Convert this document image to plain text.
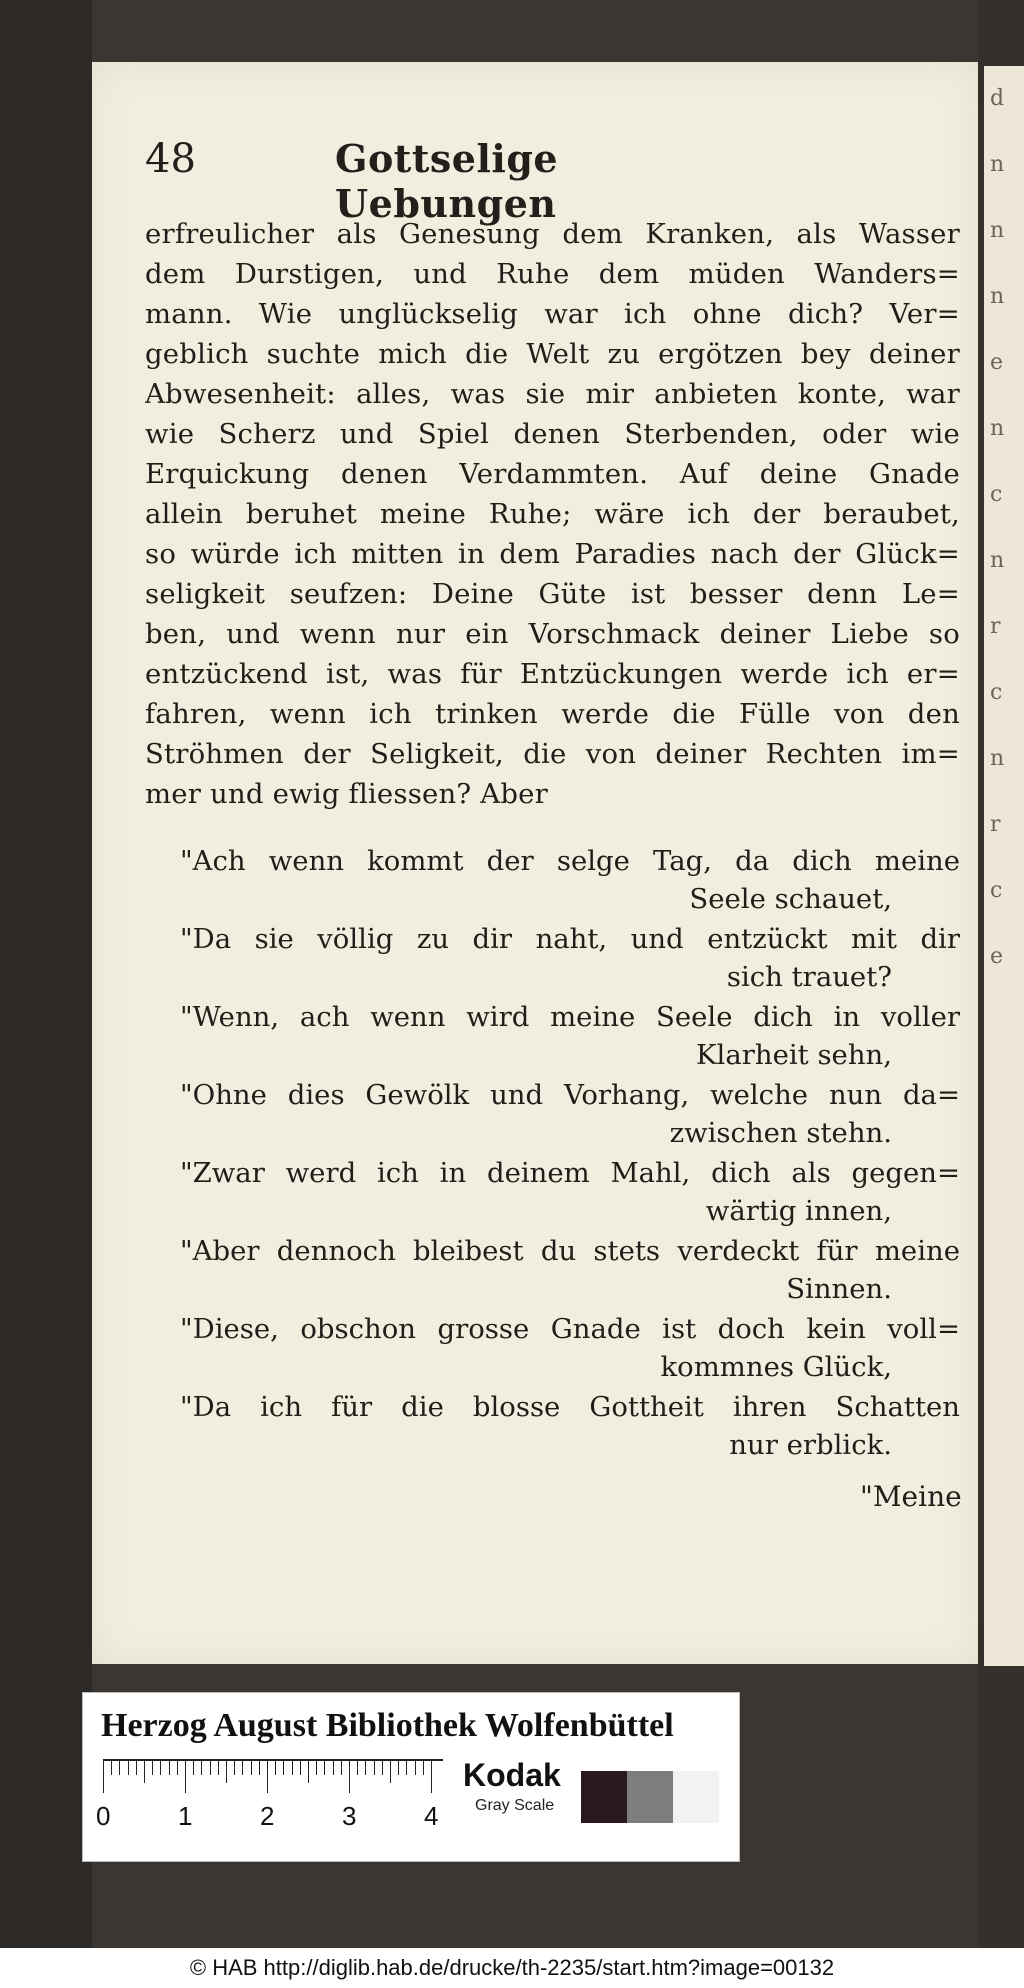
d
n
n
n
e
n
c
n
r
c
n
r
c
e
48	Gottselige Uebungen
erfreulicher als Genesung dem Kranken, als Wasser
dem Durstigen, und Ruhe dem müden Wanders=
mann. Wie unglückselig war ich ohne dich? Ver=
geblich suchte mich die Welt zu ergötzen bey deiner
Abwesenheit: alles, was sie mir anbieten konte, war
wie Scherz und Spiel denen Sterbenden, oder wie
Erquickung denen Verdammten. Auf deine Gnade
allein beruhet meine Ruhe; wäre ich der beraubet,
so würde ich mitten in dem Paradies nach der Glück=
seligkeit seufzen: Deine Güte ist besser denn Le=
ben, und wenn nur ein Vorschmack deiner Liebe so
entzückend ist, was für Entzückungen werde ich er=
fahren, wenn ich trinken werde die Fülle von den
Ströhmen der Seligkeit, die von deiner Rechten im=
mer und ewig fliessen? Aber
"Ach wenn kommt der selge Tag, da dich meine
Seele schauet,
"Da sie völlig zu dir naht, und entzückt mit dir
sich trauet?
"Wenn, ach wenn wird meine Seele dich in voller
Klarheit sehn,
"Ohne dies Gewölk und Vorhang, welche nun da=
zwischen stehn.
"Zwar werd ich in deinem Mahl, dich als gegen=
wärtig innen,
"Aber dennoch bleibest du stets verdeckt für meine
Sinnen.
"Diese, obschon grosse Gnade ist doch kein voll=
kommnes Glück,
"Da ich für die blosse Gottheit ihren Schatten
nur erblick.
"Meine
Herzog August Bibliothek Wolfenbüttel
0	1	2	3	4
Kodak
Gray Scale
© HAB http://diglib.hab.de/drucke/th-2235/start.htm?image=00132
